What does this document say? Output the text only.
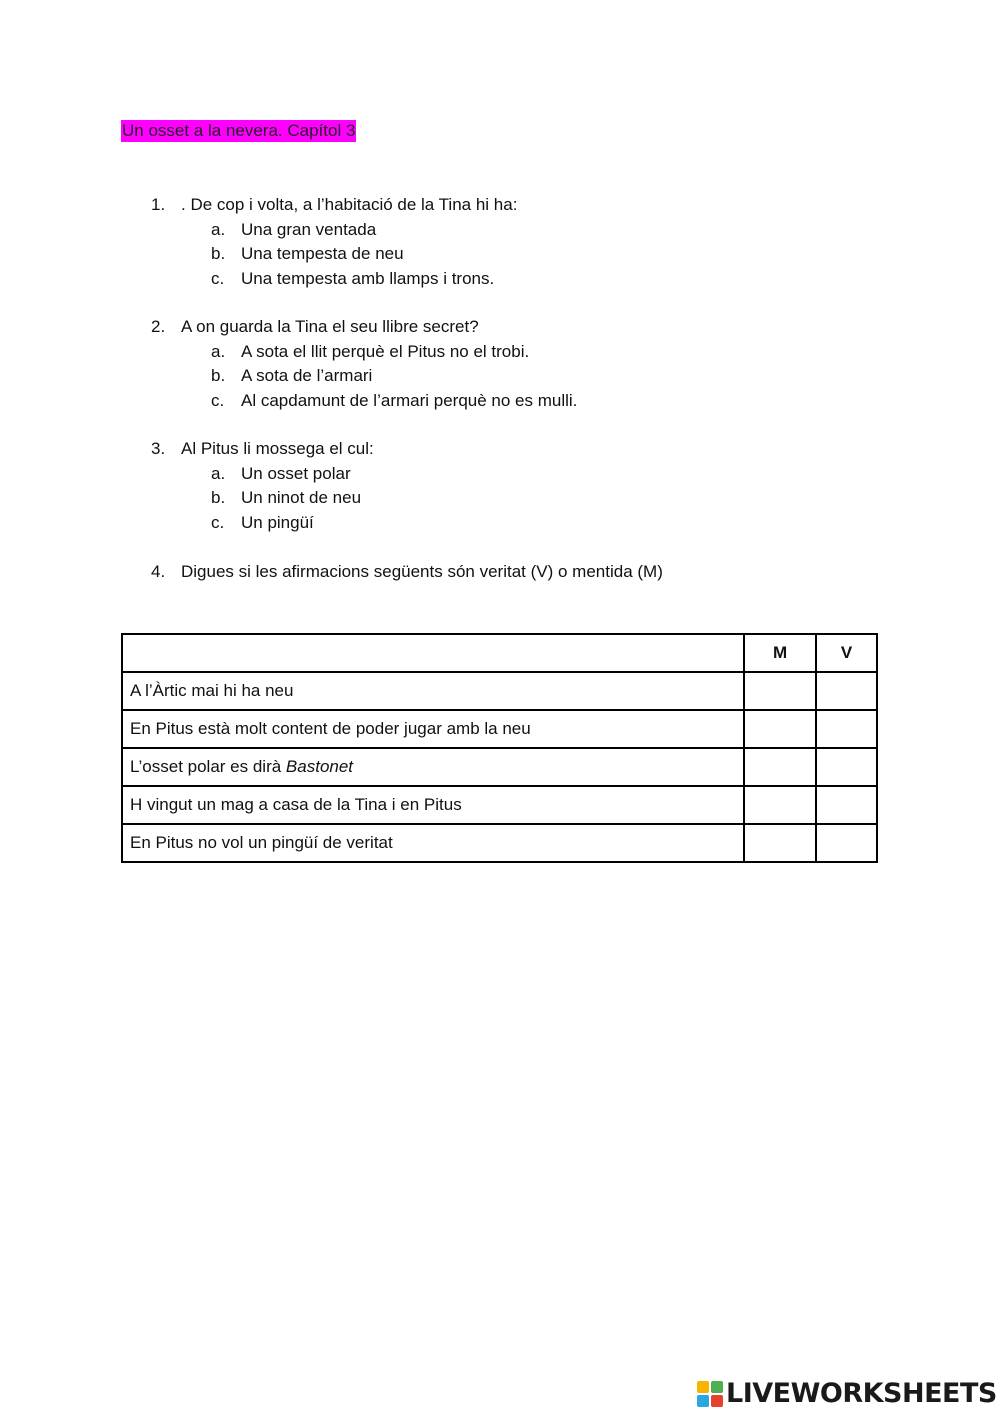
Un osset a la nevera. Capítol 3
1. . De cop i volta, a l’habitació de la Tina hi ha:
a. Una gran ventada
b. Una tempesta de neu
c. Una tempesta amb llamps i trons.
2. A on guarda la Tina el seu llibre secret?
a. A sota el llit perquè el Pitus no el trobi.
b. A sota de l’armari
c. Al capdamunt de l’armari perquè no es mulli.
3. Al Pitus li mossega el cul:
a. Un osset polar
b. Un ninot de neu
c. Un pingüí
4. Digues si les afirmacions següents són veritat (V) o mentida (M)
	M	V
A l’Àrtic mai hi ha neu		
En Pitus està molt content de poder jugar amb la neu		
L’osset polar es dirà Bastonet		
H vingut un mag a casa de la Tina i en Pitus		
En Pitus no vol un pingüí de veritat		
LIVEWORKSHEETS
